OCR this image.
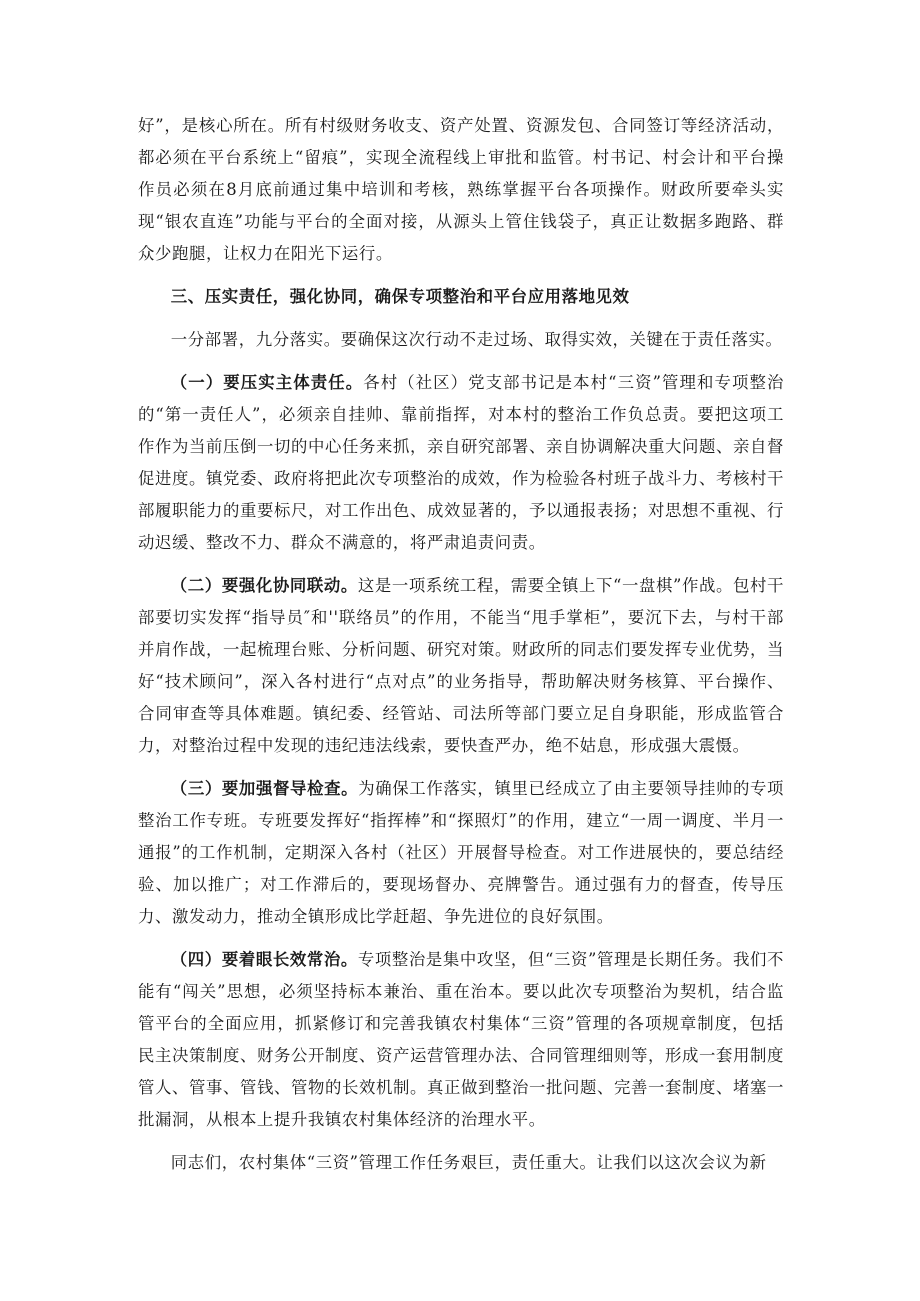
好”，是核心所在。所有村级财务收支、资产处置、资源发包、合同签订等经济活动，都必须在平台系统上“留痕”，实现全流程线上审批和监管。村书记、村会计和平台操作员必须在8月底前通过集中培训和考核，熟练掌握平台各项操作。财政所要牵头实现“银农直连”功能与平台的全面对接，从源头上管住钱袋子，真正让数据多跑路、群众少跑腿，让权力在阳光下运行。

三、压实责任，强化协同，确保专项整治和平台应用落地见效

一分部署，九分落实。要确保这次行动不走过场、取得实效，关键在于责任落实。

（一）要压实主体责任。各村（社区）党支部书记是本村“三资”管理和专项整治的“第一责任人”，必须亲自挂帅、靠前指挥，对本村的整治工作负总责。要把这项工作作为当前压倒一切的中心任务来抓，亲自研究部署、亲自协调解决重大问题、亲自督促进度。镇党委、政府将把此次专项整治的成效，作为检验各村班子战斗力、考核村干部履职能力的重要标尺，对工作出色、成效显著的，予以通报表扬；对思想不重视、行动迟缓、整改不力、群众不满意的，将严肃追责问责。

（二）要强化协同联动。这是一项系统工程，需要全镇上下“一盘棋”作战。包村干部要切实发挥“指导员″和''联络员”的作用，不能当“甩手掌柜”，要沉下去，与村干部并肩作战，一起梳理台账、分析问题、研究对策。财政所的同志们要发挥专业优势，当好“技术顾问”，深入各村进行“点对点”的业务指导，帮助解决财务核算、平台操作、合同审查等具体难题。镇纪委、经管站、司法所等部门要立足自身职能，形成监管合力，对整治过程中发现的违纪违法线索，要快查严办，绝不姑息，形成强大震慑。

（三）要加强督导检查。为确保工作落实，镇里已经成立了由主要领导挂帅的专项整治工作专班。专班要发挥好“指挥棒”和“探照灯”的作用，建立“一周一调度、半月一通报”的工作机制，定期深入各村（社区）开展督导检查。对工作进展快的，要总结经验、加以推广；对工作滞后的，要现场督办、亮牌警告。通过强有力的督查，传导压力、激发动力，推动全镇形成比学赶超、争先进位的良好氛围。

（四）要着眼长效常治。专项整治是集中攻坚，但“三资”管理是长期任务。我们不能有“闯关”思想，必须坚持标本兼治、重在治本。要以此次专项整治为契机，结合监管平台的全面应用，抓紧修订和完善我镇农村集体“三资”管理的各项规章制度，包括民主决策制度、财务公开制度、资产运营管理办法、合同管理细则等，形成一套用制度管人、管事、管钱、管物的长效机制。真正做到整治一批问题、完善一套制度、堵塞一批漏洞，从根本上提升我镇农村集体经济的治理水平。

同志们，农村集体“三资”管理工作任务艰巨，责任重大。让我们以这次会议为新
